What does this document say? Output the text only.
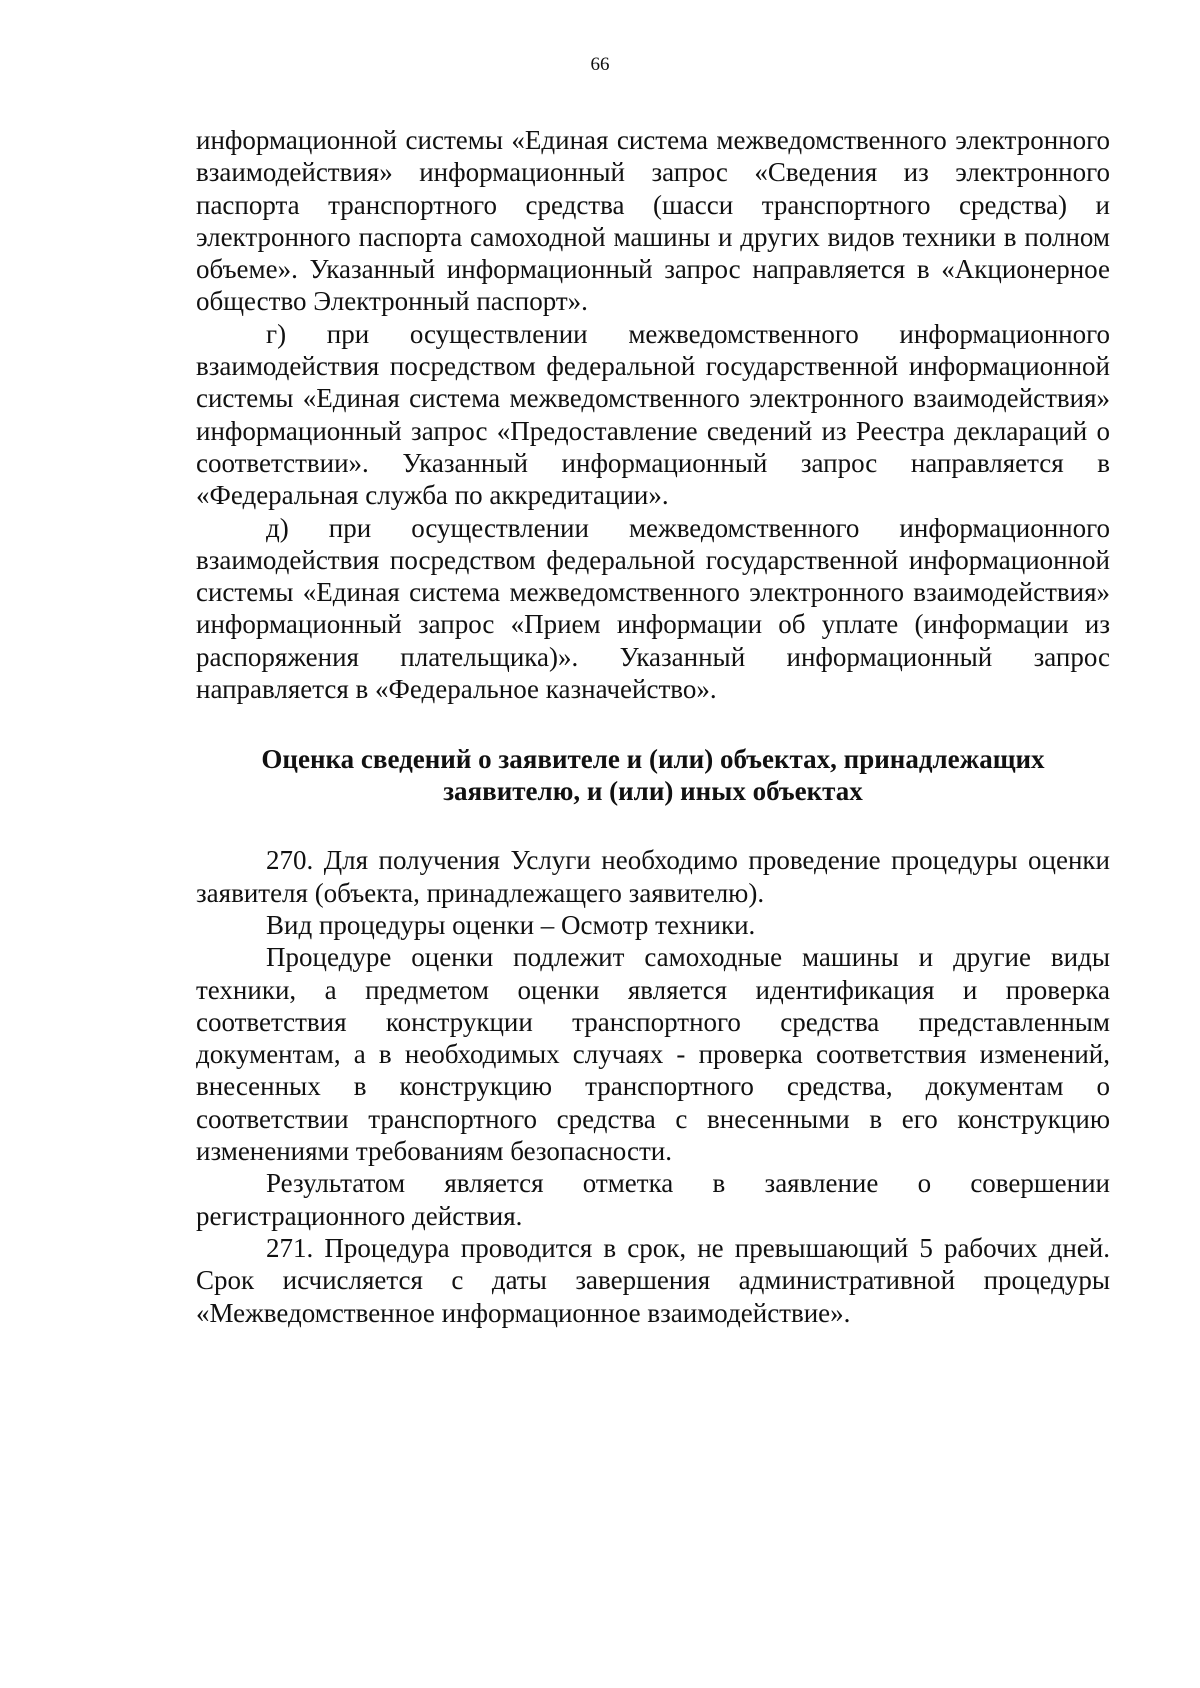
66

информационной системы «Единая система межведомственного электронного взаимодействия» информационный запрос «Сведения из электронного паспорта транспортного средства (шасси транспортного средства) и электронного паспорта самоходной машины и других видов техники в полном объеме». Указанный информационный запрос направляется в «Акционерное общество Электронный паспорт».

г) при осуществлении межведомственного информационного взаимодействия посредством федеральной государственной информационной системы «Единая система межведомственного электронного взаимодействия» информационный запрос «Предоставление сведений из Реестра деклараций о соответствии». Указанный информационный запрос направляется в «Федеральная служба по аккредитации».

д) при осуществлении межведомственного информационного взаимодействия посредством федеральной государственной информационной системы «Единая система межведомственного электронного взаимодействия» информационный запрос «Прием информации об уплате (информации из распоряжения плательщика)». Указанный информационный запрос направляется в «Федеральное казначейство».

Оценка сведений о заявителе и (или) объектах, принадлежащих
заявителю, и (или) иных объектах

270. Для получения Услуги необходимо проведение процедуры оценки заявителя (объекта, принадлежащего заявителю).

Вид процедуры оценки – Осмотр техники.

Процедуре оценки подлежит самоходные машины и другие виды техники, а предметом оценки является идентификация и проверка соответствия конструкции транспортного средства представленным документам, а в необходимых случаях - проверка соответствия изменений, внесенных в конструкцию транспортного средства, документам о соответствии транспортного средства с внесенными в его конструкцию изменениями требованиям безопасности.

Результатом является отметка в заявление о совершении регистрационного действия.

271. Процедура проводится в срок, не превышающий 5 рабочих дней. Срок исчисляется с даты завершения административной процедуры «Межведомственное информационное взаимодействие».
